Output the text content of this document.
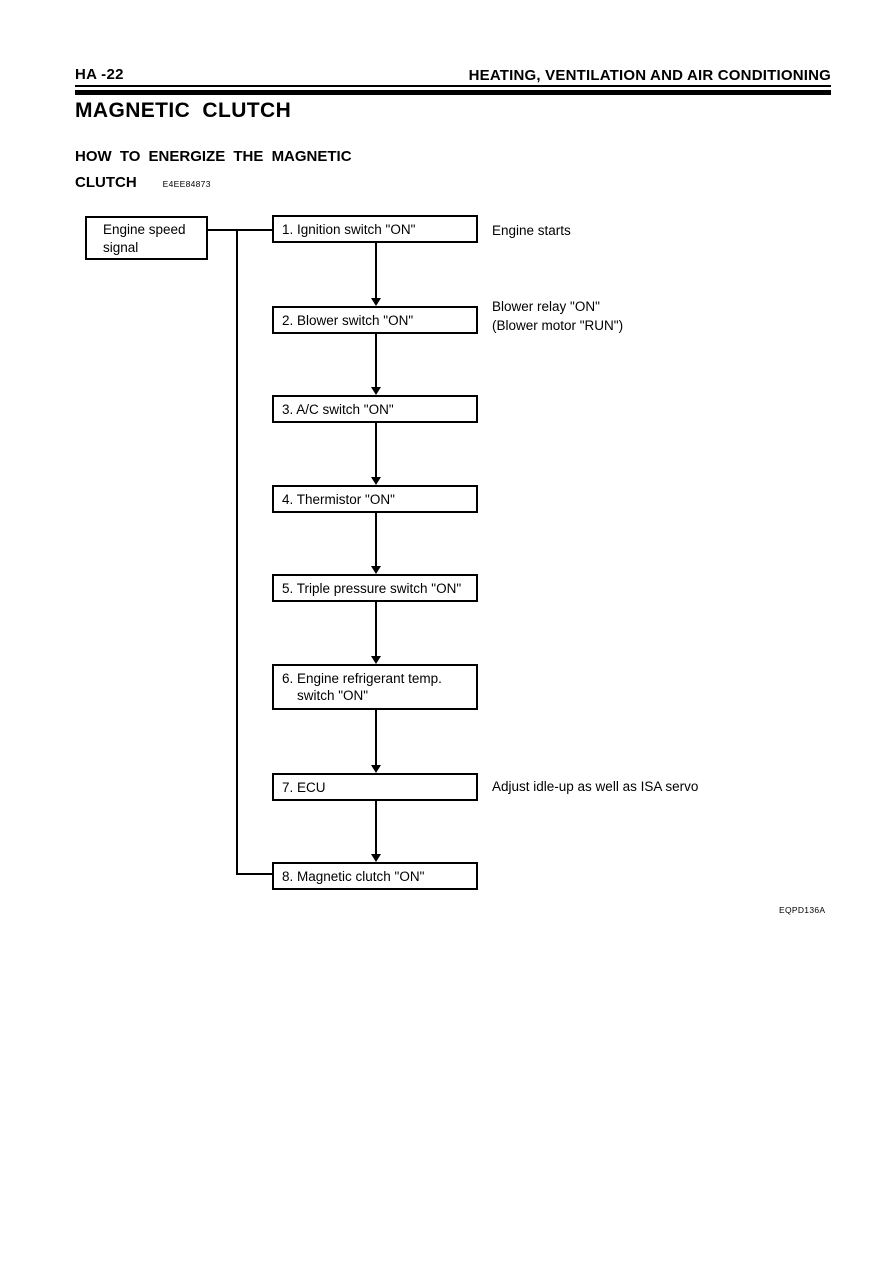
HA -22	HEATING, VENTILATION AND AIR CONDITIONING
MAGNETIC CLUTCH
HOW TO ENERGIZE THE MAGNETIC
CLUTCH	E4EE84873
Engine speed
signal
1. Ignition switch "ON"
2. Blower switch "ON"
3. A/C switch "ON"
4. Thermistor "ON"
5. Triple pressure switch "ON"
6. Engine refrigerant temp.
switch "ON"
7. ECU
8. Magnetic clutch "ON"
Engine starts
Blower relay "ON"
(Blower motor "RUN")
Adjust idle-up as well as ISA servo
EQPD136A
